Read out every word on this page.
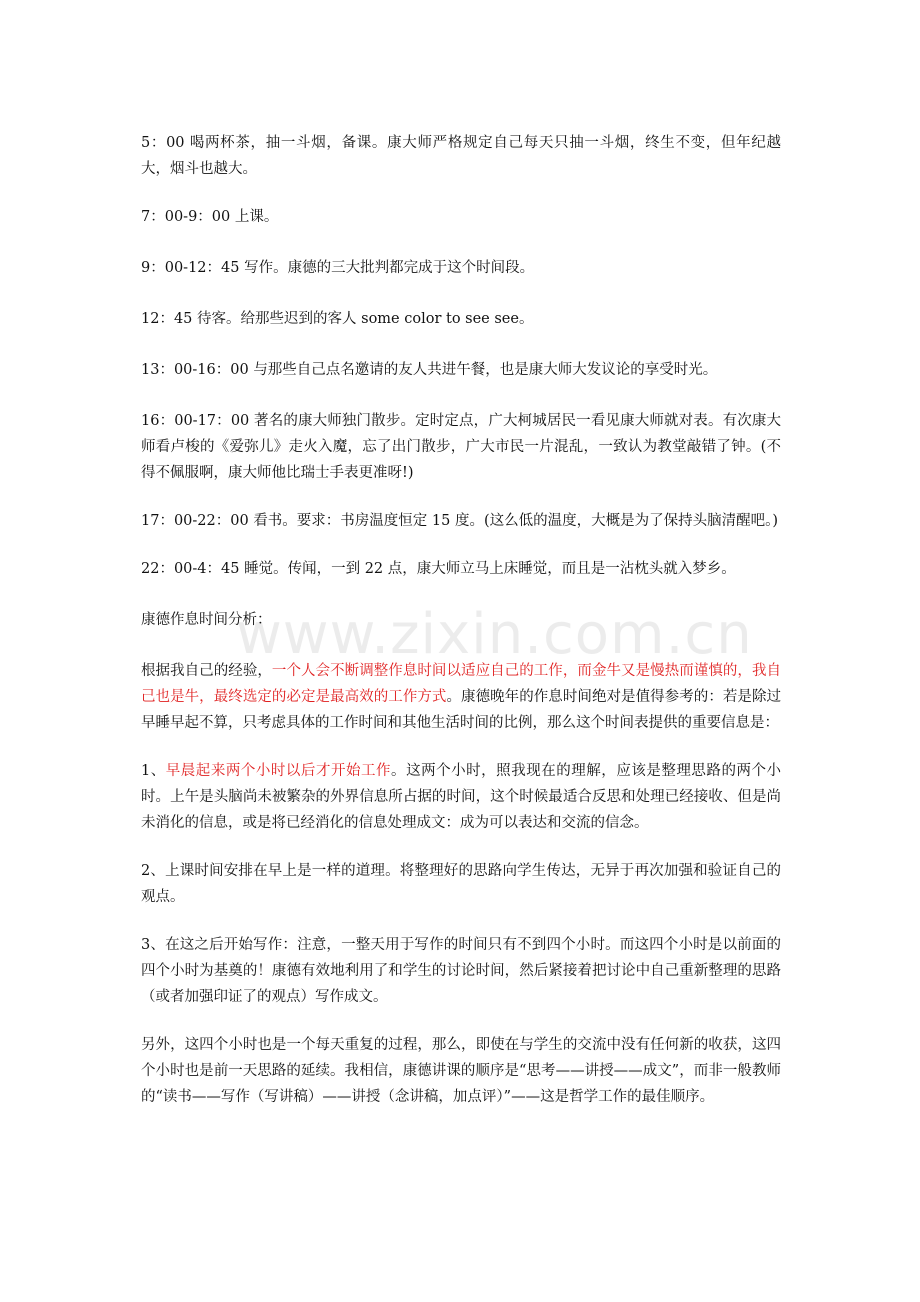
www.zixin.com.cn

5：00 喝两杯茶，抽一斗烟，备课。康大师严格规定自己每天只抽一斗烟，终生不变，但年纪越大，烟斗也越大。

7：00-9：00 上课。

9：00-12：45 写作。康德的三大批判都完成于这个时间段。

12：45 待客。给那些迟到的客人 some color to see see。

13：00-16：00 与那些自己点名邀请的友人共进午餐，也是康大师大发议论的享受时光。

16：00-17：00 著名的康大师独门散步。定时定点，广大柯城居民一看见康大师就对表。有次康大师看卢梭的《爱弥儿》走火入魔，忘了出门散步，广大市民一片混乱，一致认为教堂敲错了钟。(不得不佩服啊，康大师他比瑞士手表更准呀!)

17：00-22：00 看书。要求：书房温度恒定 15 度。(这么低的温度，大概是为了保持头脑清醒吧。)

22：00-4：45 睡觉。传闻，一到 22 点，康大师立马上床睡觉，而且是一沾枕头就入梦乡。

康德作息时间分析：

根据我自己的经验，一个人会不断调整作息时间以适应自己的工作，而金牛又是慢热而谨慎的，我自己也是牛，最终选定的必定是最高效的工作方式。康德晚年的作息时间绝对是值得参考的：若是除过早睡早起不算，只考虑具体的工作时间和其他生活时间的比例，那么这个时间表提供的重要信息是：

1、早晨起来两个小时以后才开始工作。这两个小时，照我现在的理解，应该是整理思路的两个小时。上午是头脑尚未被繁杂的外界信息所占据的时间，这个时候最适合反思和处理已经接收、但是尚未消化的信息，或是将已经消化的信息处理成文：成为可以表达和交流的信念。

2、上课时间安排在早上是一样的道理。将整理好的思路向学生传达，无异于再次加强和验证自己的观点。

3、在这之后开始写作：注意，一整天用于写作的时间只有不到四个小时。而这四个小时是以前面的四个小时为基奠的！康德有效地利用了和学生的讨论时间，然后紧接着把讨论中自己重新整理的思路（或者加强印证了的观点）写作成文。

另外，这四个小时也是一个每天重复的过程，那么，即使在与学生的交流中没有任何新的收获，这四个小时也是前一天思路的延续。我相信，康德讲课的顺序是“思考——讲授——成文”，而非一般教师的“读书——写作（写讲稿）——讲授（念讲稿，加点评）”——这是哲学工作的最佳顺序。
